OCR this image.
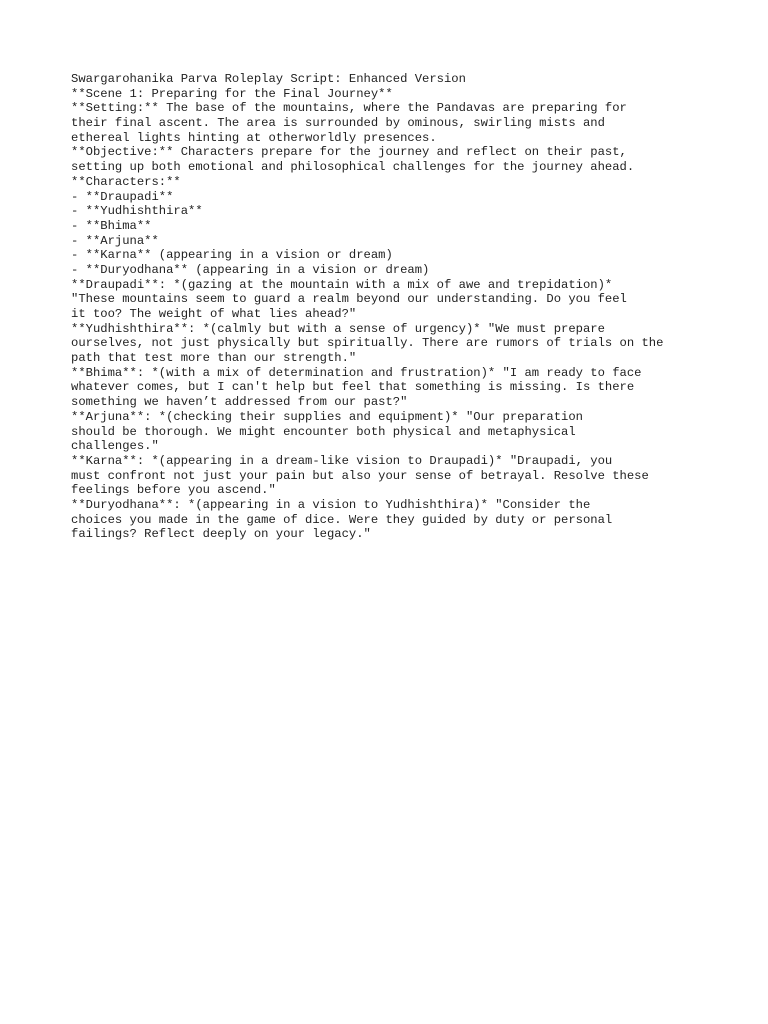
Swargarohanika Parva Roleplay Script: Enhanced Version
**Scene 1: Preparing for the Final Journey**
**Setting:** The base of the mountains, where the Pandavas are preparing for
their final ascent. The area is surrounded by ominous, swirling mists and
ethereal lights hinting at otherworldly presences.
**Objective:** Characters prepare for the journey and reflect on their past,
setting up both emotional and philosophical challenges for the journey ahead.
**Characters:**
- **Draupadi**
- **Yudhishthira**
- **Bhima**
- **Arjuna**
- **Karna** (appearing in a vision or dream)
- **Duryodhana** (appearing in a vision or dream)
**Draupadi**: *(gazing at the mountain with a mix of awe and trepidation)*
"These mountains seem to guard a realm beyond our understanding. Do you feel
it too? The weight of what lies ahead?"
**Yudhishthira**: *(calmly but with a sense of urgency)* "We must prepare
ourselves, not just physically but spiritually. There are rumors of trials on the
path that test more than our strength."
**Bhima**: *(with a mix of determination and frustration)* "I am ready to face
whatever comes, but I can't help but feel that something is missing. Is there
something we haven’t addressed from our past?"
**Arjuna**: *(checking their supplies and equipment)* "Our preparation
should be thorough. We might encounter both physical and metaphysical
challenges."
**Karna**: *(appearing in a dream-like vision to Draupadi)* "Draupadi, you
must confront not just your pain but also your sense of betrayal. Resolve these
feelings before you ascend."
**Duryodhana**: *(appearing in a vision to Yudhishthira)* "Consider the
choices you made in the game of dice. Were they guided by duty or personal
failings? Reflect deeply on your legacy."
